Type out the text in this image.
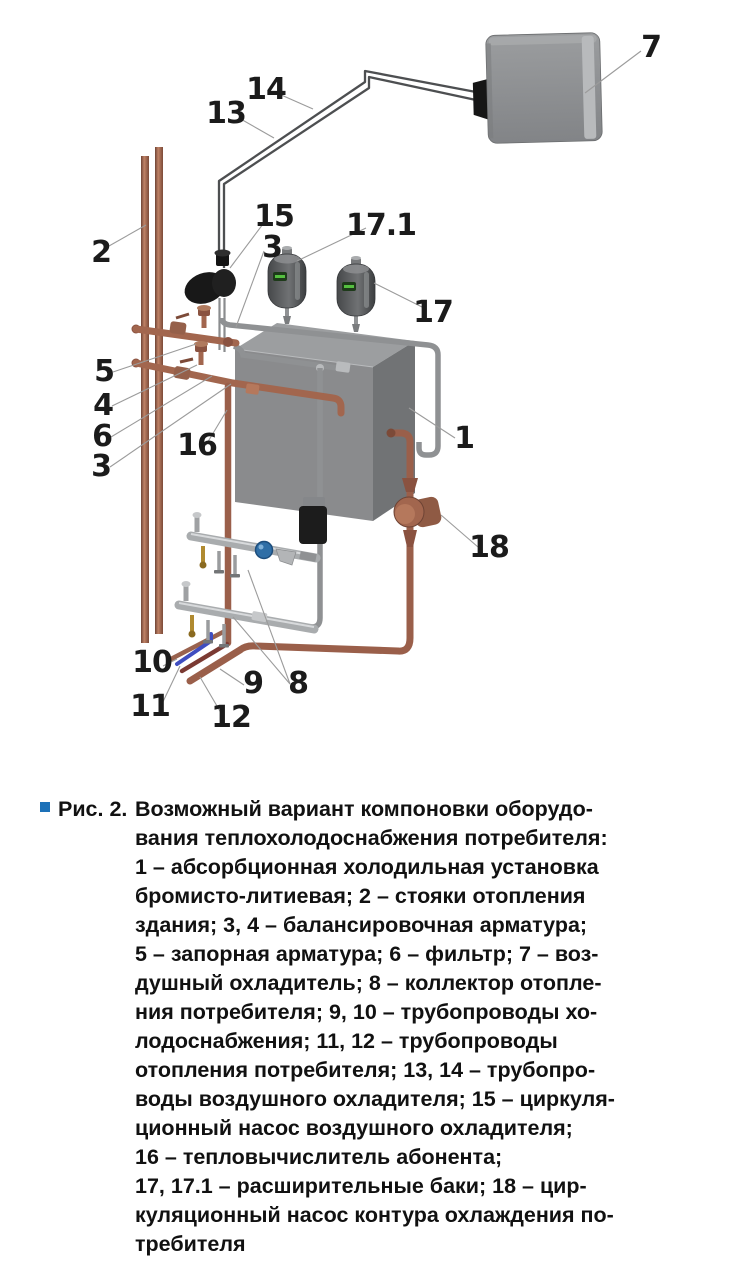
7
14
13
2
15
3
17.1
17
5
4
6
3
16	1
18
10
11
9
12
8
Рис. 2. Возможный вариант компоновки оборудо-
вания теплохолодоснабжения потребителя:
1 – абсорбционная холодильная установка
бромисто-литиевая; 2 – стояки отопления
здания; 3, 4 – балансировочная арматура;
5 – запорная арматура; 6 – фильтр; 7 – воз-
душный охладитель; 8 – коллектор отопле-
ния потребителя; 9, 10 – трубопроводы хо-
лодоснабжения; 11, 12 – трубопроводы
отопления потребителя; 13, 14 – трубопро-
воды воздушного охладителя; 15 – циркуля-
ционный насос воздушного охладителя;
16 – тепловычислитель абонента;
17, 17.1 – расширительные баки; 18 – цир-
куляционный насос контура охлаждения по-
требителя
